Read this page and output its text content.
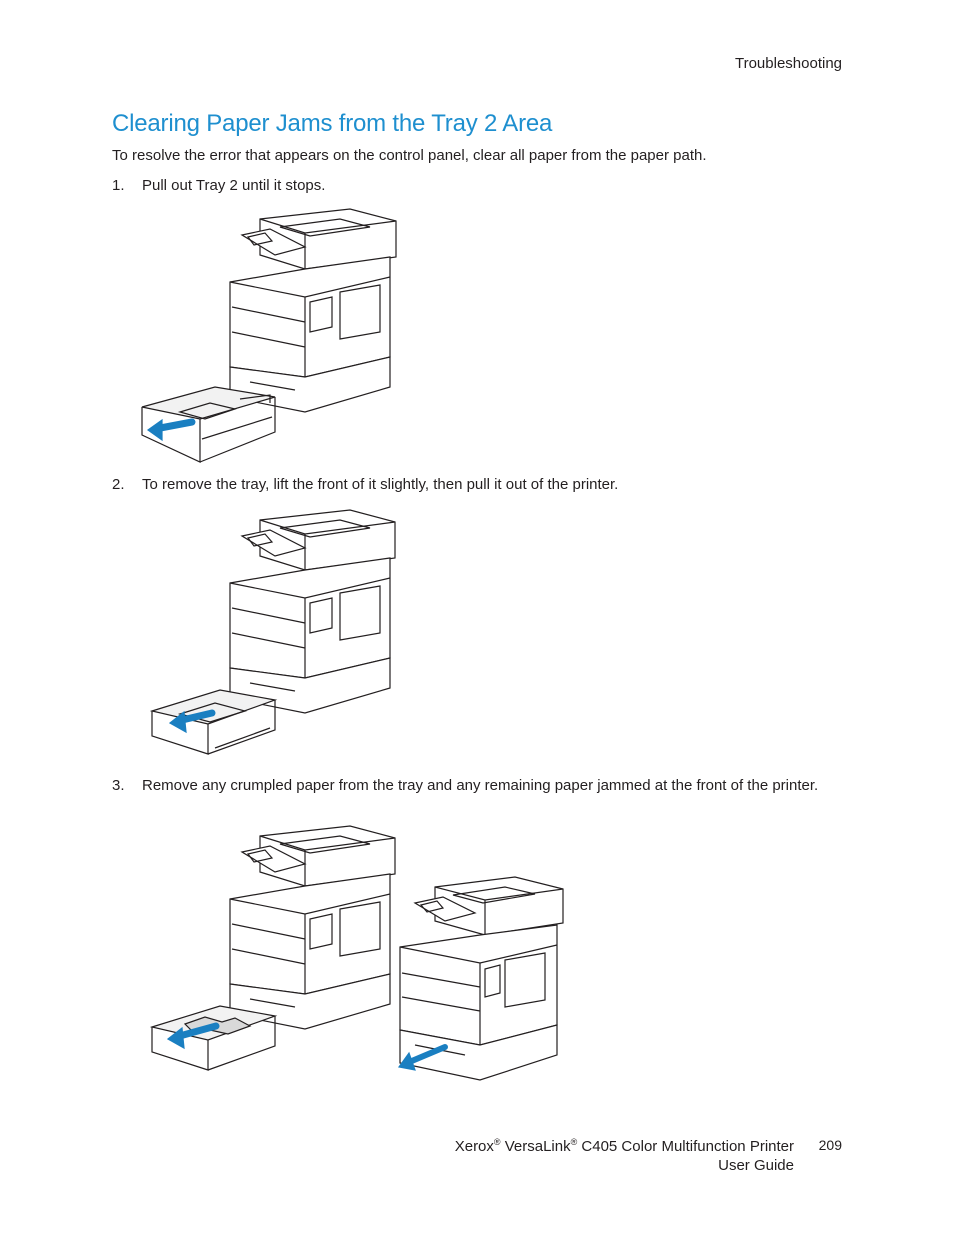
Troubleshooting
Clearing Paper Jams from the Tray 2 Area
To resolve the error that appears on the control panel, clear all paper from the paper path.
1.	Pull out Tray 2 until it stops.
2.	To remove the tray, lift the front of it slightly, then pull it out of the printer.
3.	Remove any crumpled paper from the tray and any remaining paper jammed at the front of the printer.
Xerox® VersaLink® C405 Color Multifunction Printer
User Guide
209
